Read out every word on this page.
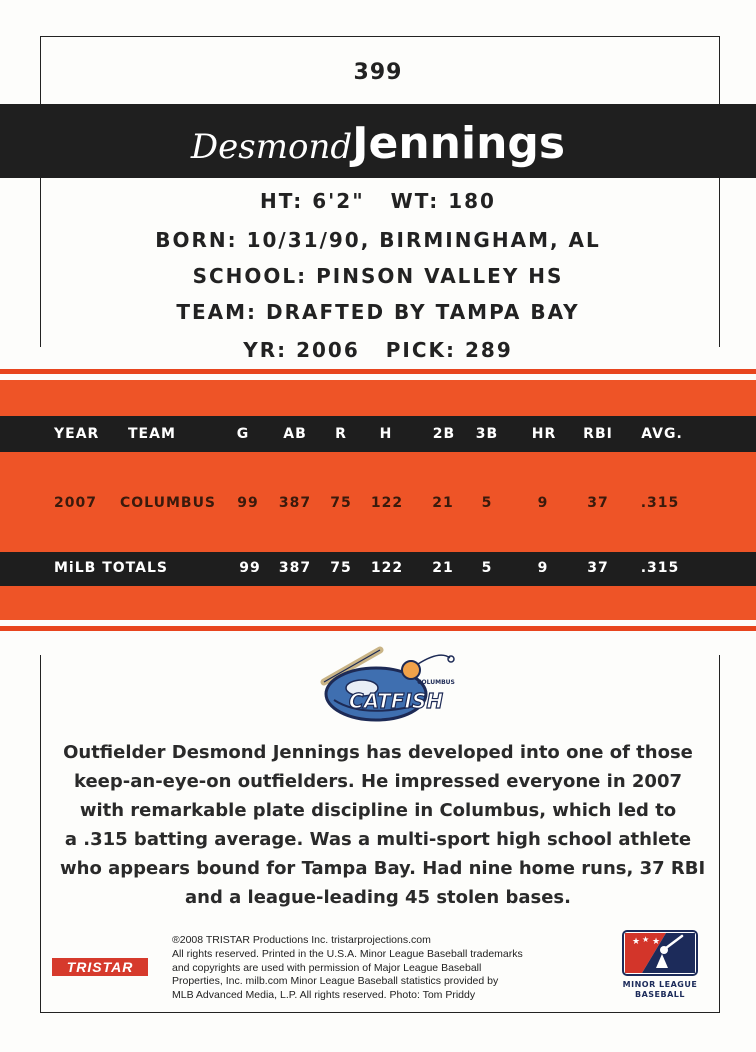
399
DesmondJennings
HT: 6'2" WT: 180
BORN: 10/31/90, BIRMINGHAM, AL
SCHOOL: PINSON VALLEY HS
TEAM: DRAFTED BY TAMPA BAY
YR: 2006 PICK: 289
YEAR TEAM	G AB R H	2B 3B HR RBI AVG.
2007 COLUMBUS 99 387 75 122 21 5	9	37 .315
MiLB TOTALS	99 387 75 122 21 5	9	37 .315
COLUMBUS
CATFISH
Outfielder Desmond Jennings has developed into one of those
keep-an-eye-on outfielders. He impressed everyone in 2007
with remarkable plate discipline in Columbus, which led to
a .315 batting average. Was a multi-sport high school athlete
who appears bound for Tampa Bay. Had nine home runs, 37 RBI
and a league-leading 45 stolen bases.
TRISTAR
®2008 TRISTAR Productions Inc. tristarprojections.com
All rights reserved. Printed in the U.S.A. Minor League Baseball trademarks
and copyrights are used with permission of Major League Baseball
Properties, Inc. milb.com Minor League Baseball statistics provided by
MLB Advanced Media, L.P. All rights reserved. Photo: Tom Priddy
★ ★ ★
MINOR LEAGUE
BASEBALL
